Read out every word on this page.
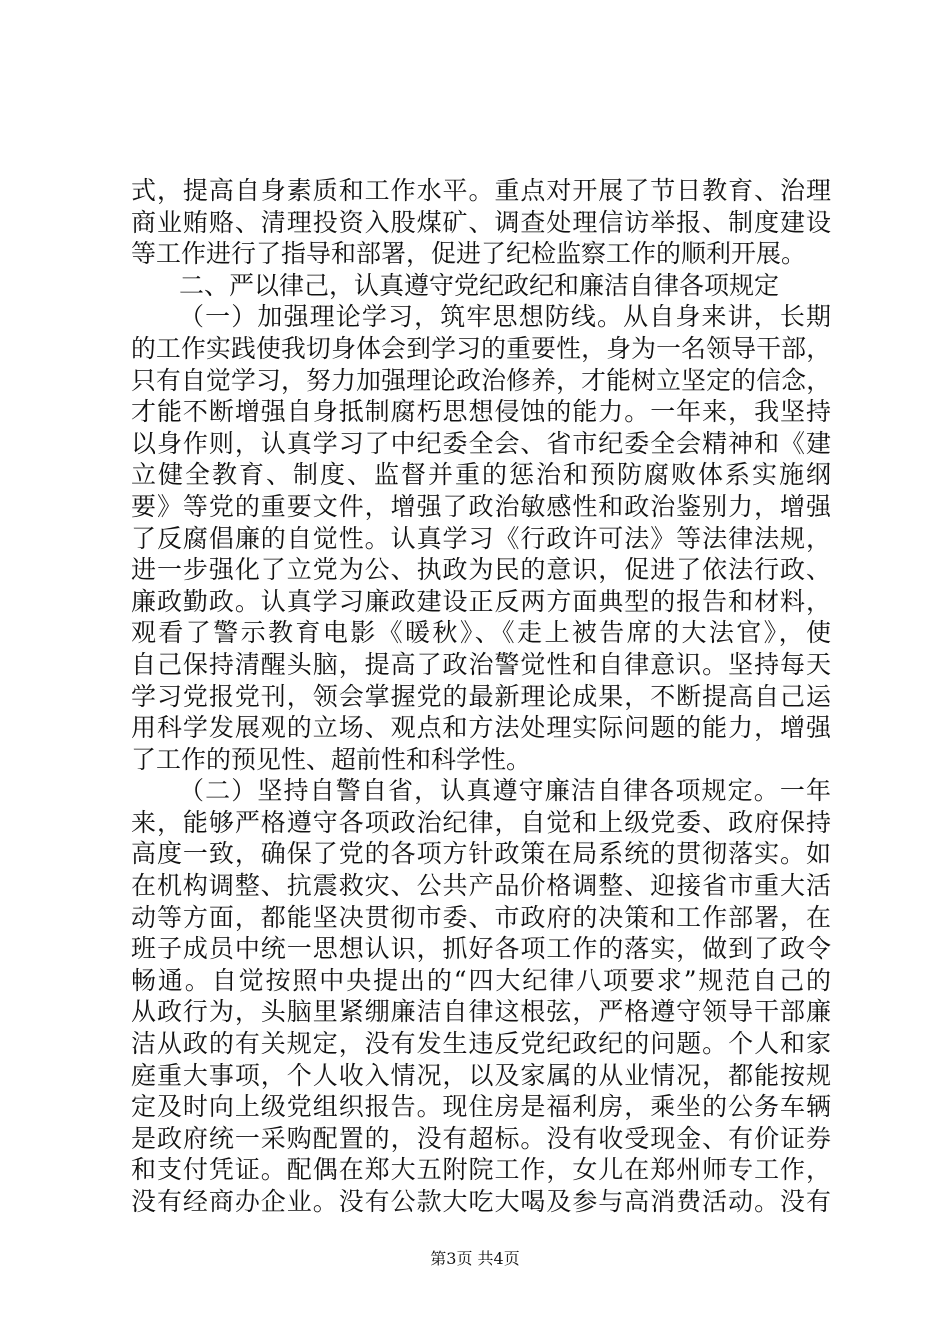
式，提高自身素质和工作水平。重点对开展了节日教育、治理
商业贿赂、清理投资入股煤矿、调查处理信访举报、制度建设
等工作进行了指导和部署，促进了纪检监察工作的顺利开展。
二、严以律己，认真遵守党纪政纪和廉洁自律各项规定
（一）加强理论学习，筑牢思想防线。从自身来讲，长期
的工作实践使我切身体会到学习的重要性，身为一名领导干部，
只有自觉学习，努力加强理论政治修养，才能树立坚定的信念，
才能不断增强自身抵制腐朽思想侵蚀的能力。一年来，我坚持
以身作则，认真学习了中纪委全会、省市纪委全会精神和《建
立健全教育、制度、监督并重的惩治和预防腐败体系实施纲
要》等党的重要文件，增强了政治敏感性和政治鉴别力，增强
了反腐倡廉的自觉性。认真学习《行政许可法》等法律法规，
进一步强化了立党为公、执政为民的意识，促进了依法行政、
廉政勤政。认真学习廉政建设正反两方面典型的报告和材料，
观看了警示教育电影《暖秋》、《走上被告席的大法官》，使
自己保持清醒头脑，提高了政治警觉性和自律意识。坚持每天
学习党报党刊，领会掌握党的最新理论成果，不断提高自己运
用科学发展观的立场、观点和方法处理实际问题的能力，增强
了工作的预见性、超前性和科学性。
（二）坚持自警自省，认真遵守廉洁自律各项规定。一年
来，能够严格遵守各项政治纪律，自觉和上级党委、政府保持
高度一致，确保了党的各项方针政策在局系统的贯彻落实。如
在机构调整、抗震救灾、公共产品价格调整、迎接省市重大活
动等方面，都能坚决贯彻市委、市政府的决策和工作部署，在
班子成员中统一思想认识，抓好各项工作的落实，做到了政令
畅通。自觉按照中央提出的“四大纪律八项要求”规范自己的
从政行为，头脑里紧绷廉洁自律这根弦，严格遵守领导干部廉
洁从政的有关规定，没有发生违反党纪政纪的问题。个人和家
庭重大事项，个人收入情况，以及家属的从业情况，都能按规
定及时向上级党组织报告。现住房是福利房，乘坐的公务车辆
是政府统一采购配置的，没有超标。没有收受现金、有价证券
和支付凭证。配偶在郑大五附院工作，女儿在郑州师专工作，
没有经商办企业。没有公款大吃大喝及参与高消费活动。没有
第3页 共4页
